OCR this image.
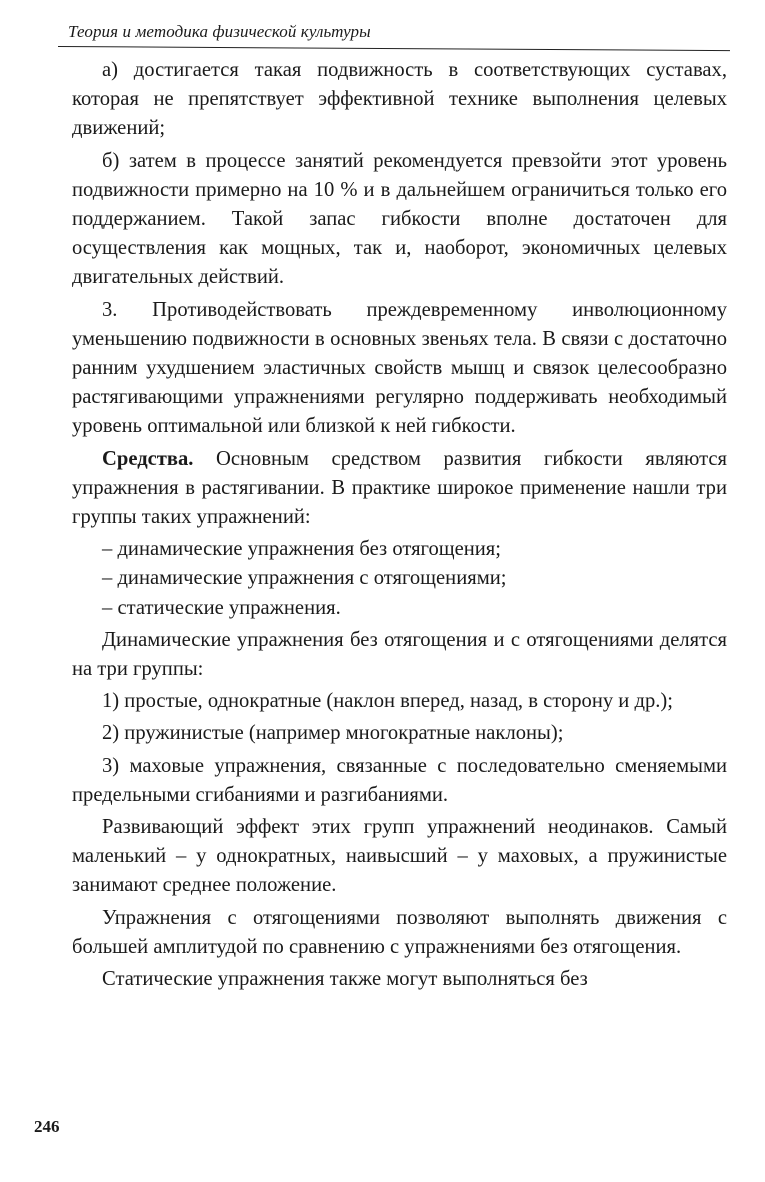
Теория и методика физической культуры

а) достигается такая подвижность в соответствующих суставах, которая не препятствует эффективной технике выполнения целевых движений;

б) затем в процессе занятий рекомендуется превзойти этот уровень подвижности примерно на 10 % и в дальнейшем ограничиться только его поддержанием. Такой запас гибкости вполне достаточен для осуществления как мощных, так и, наоборот, экономичных целевых двигательных действий.

3. Противодействовать преждевременному инволюционному уменьшению подвижности в основных звеньях тела. В связи с достаточно ранним ухудшением эластичных свойств мышц и связок целесообразно растягивающими упражнениями регулярно поддерживать необходимый уровень оптимальной или близкой к ней гибкости.

Средства. Основным средством развития гибкости являются упражнения в растягивании. В практике широкое применение нашли три группы таких упражнений:

– динамические упражнения без отягощения;

– динамические упражнения с отягощениями;

– статические упражнения.

Динамические упражнения без отягощения и с отягощениями делятся на три группы:

1) простые, однократные (наклон вперед, назад, в сторону и др.);

2) пружинистые (например многократные наклоны);

3) маховые упражнения, связанные с последовательно сменяемыми предельными сгибаниями и разгибаниями.

Развивающий эффект этих групп упражнений неодинаков. Самый маленький – у однократных, наивысший – у маховых, а пружинистые занимают среднее положение.

Упражнения с отягощениями позволяют выполнять движения с большей амплитудой по сравнению с упражнениями без отягощения.

Статические упражнения также могут выполняться без

246
